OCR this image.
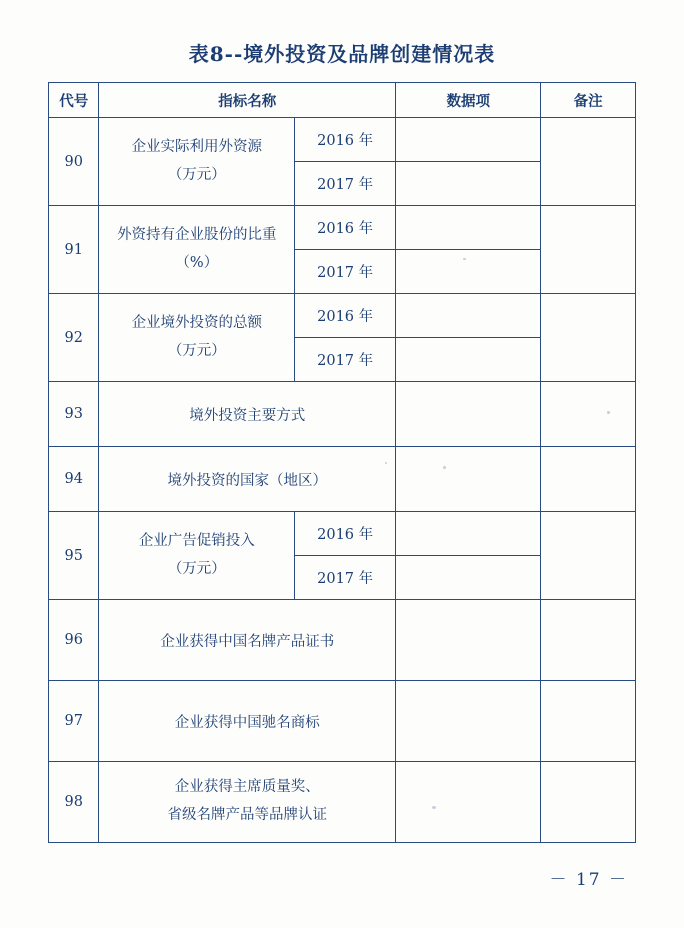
表8--境外投资及品牌创建情况表
代号	指标名称		数据项	备注
90	企业实际利用外资源
（万元）	2016 年		
		2017 年		
91	外资持有企业股份的比重
（%）	2016 年		
		2017 年		
92	企业境外投资的总额
（万元）	2016 年		
		2017 年		
93	境外投资主要方式			
94	境外投资的国家（地区）			
95	企业广告促销投入
（万元）	2016 年		
		2017 年		
96	企业获得中国名牌产品证书			
97	企业获得中国驰名商标			
98	企业获得主席质量奖、
省级名牌产品等品牌认证			

－ 17 －
